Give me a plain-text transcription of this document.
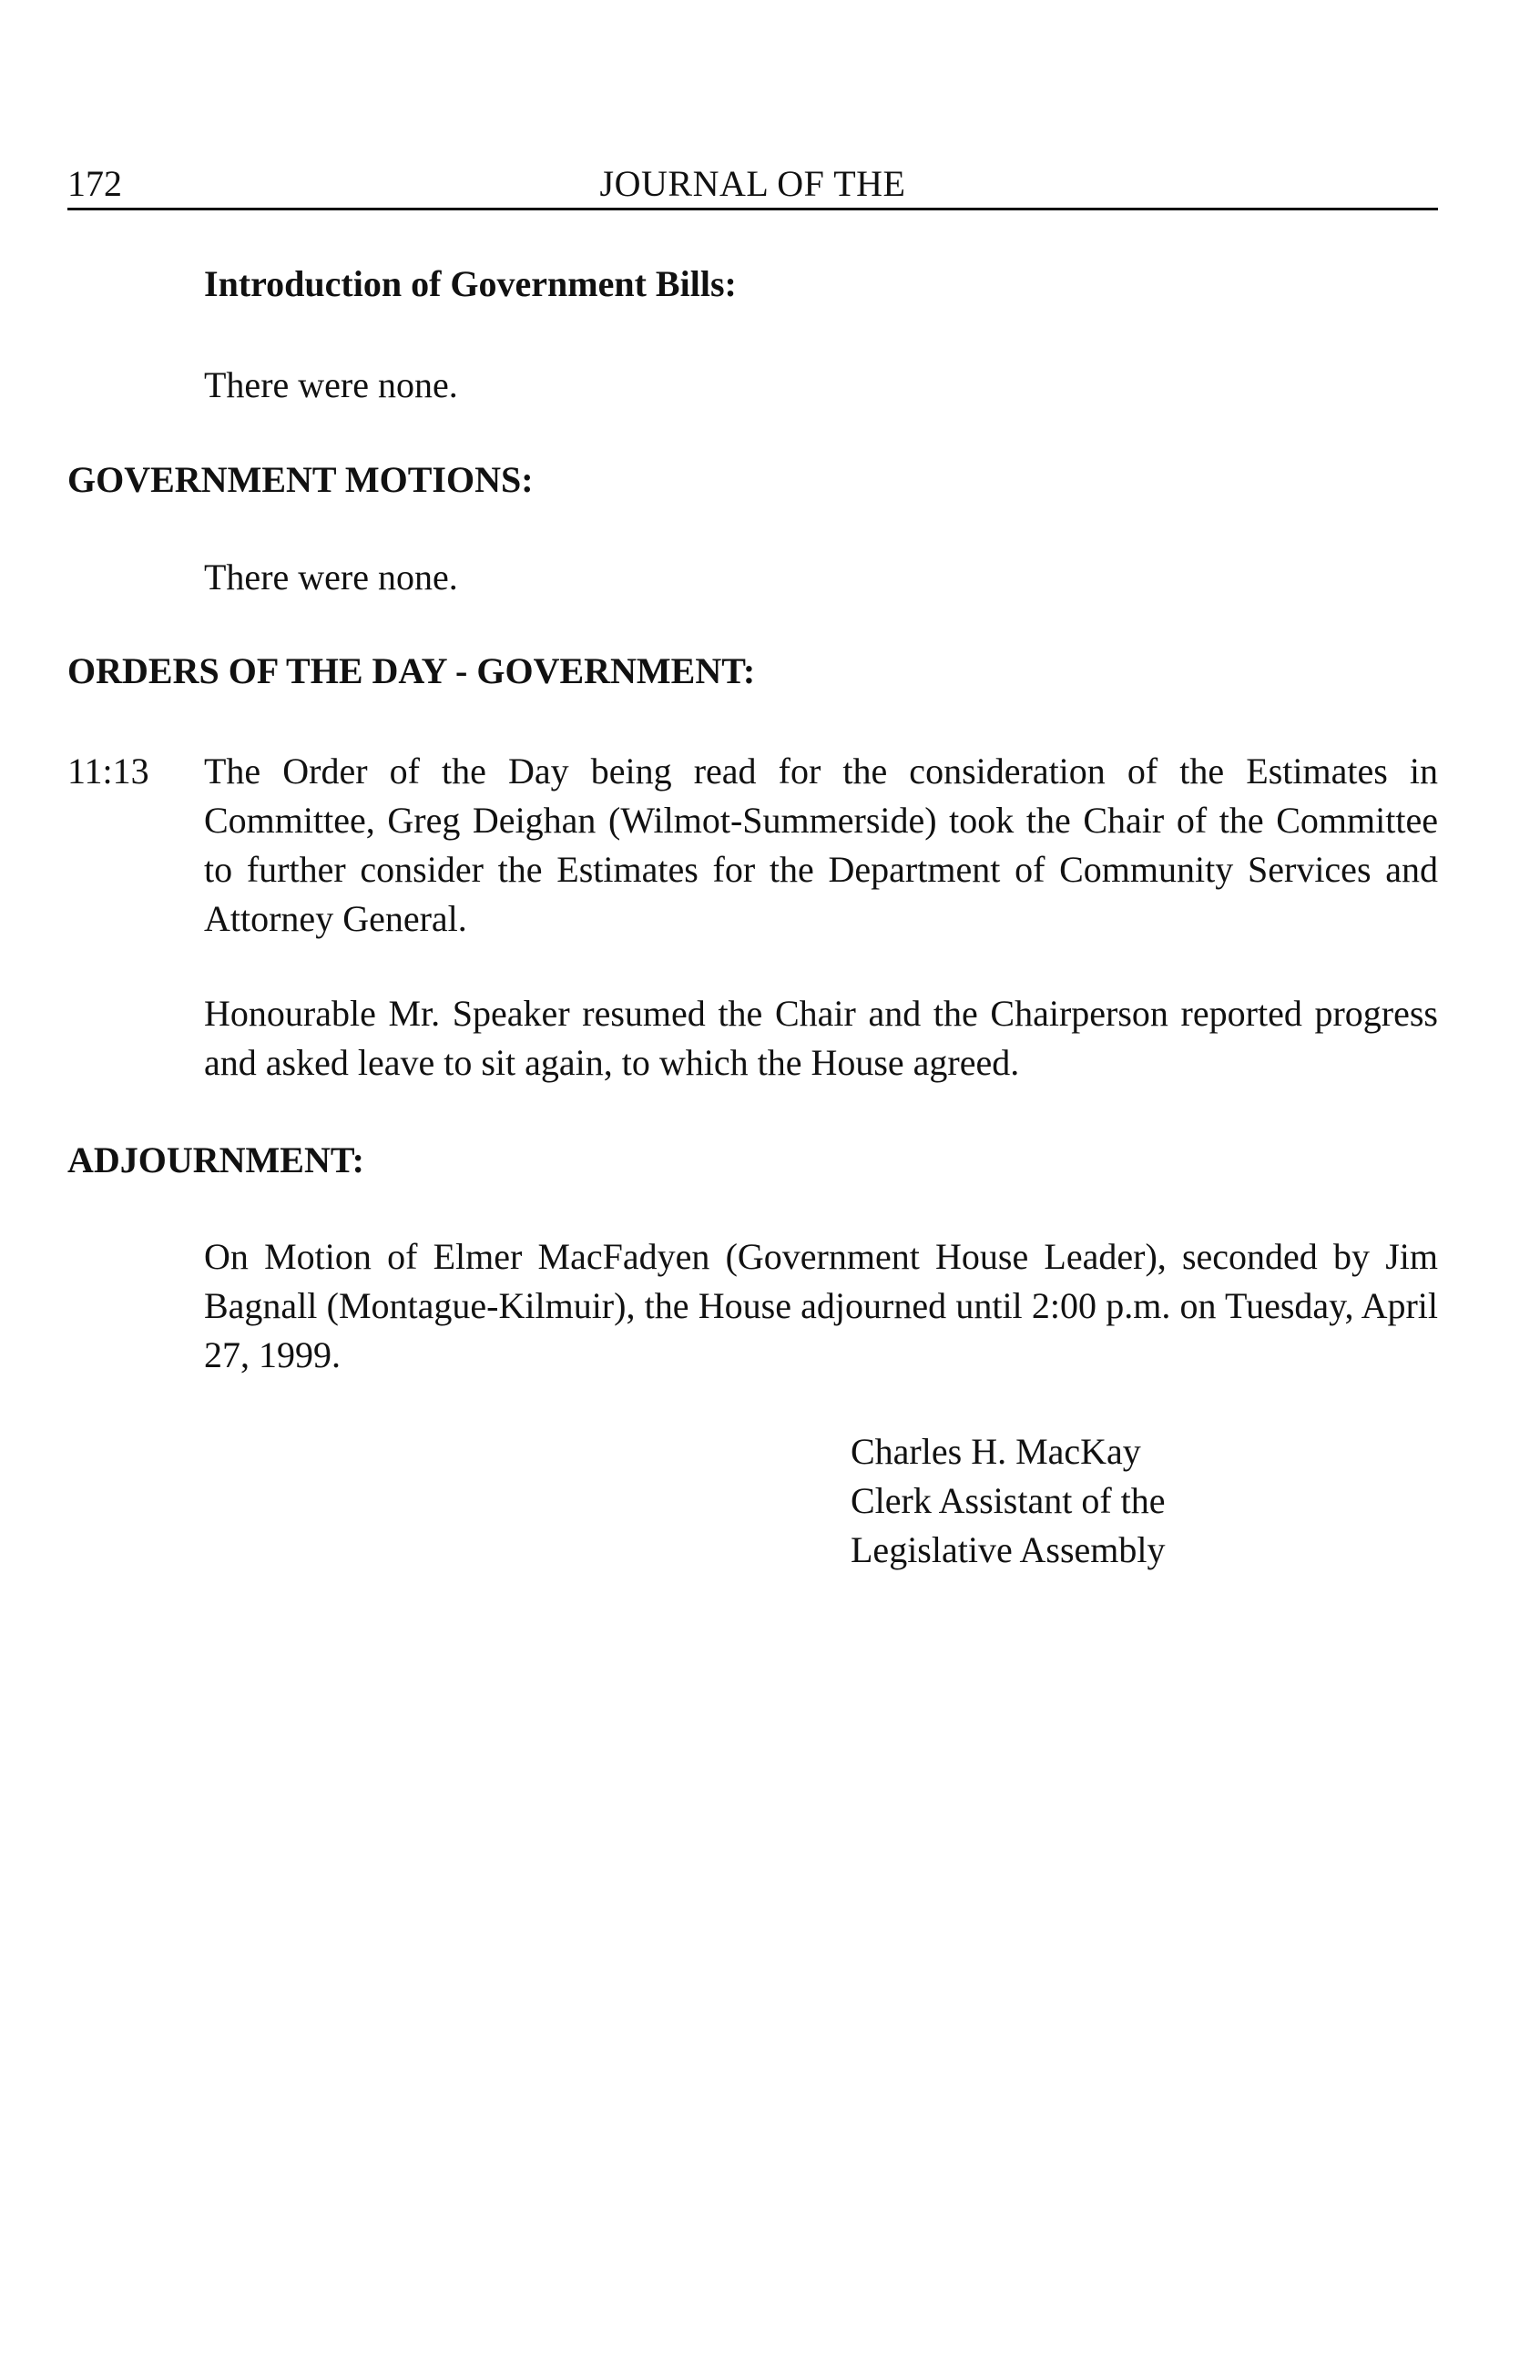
172	JOURNAL OF THE
Introduction of Government Bills:

There were none.

GOVERNMENT MOTIONS:

There were none.

ORDERS OF THE DAY - GOVERNMENT:
11:13 The Order of the Day being read for the consideration of the Estimates in Committee, Greg Deighan (Wilmot-Summerside) took the Chair of the Committee to further consider the Estimates for the Department of Community Services and Attorney General.

Honourable Mr. Speaker resumed the Chair and the Chairperson reported progress and asked leave to sit again, to which the House agreed.

ADJOURNMENT:

On Motion of Elmer MacFadyen (Government House Leader), seconded by Jim Bagnall (Montague-Kilmuir), the House adjourned until 2:00 p.m. on Tuesday, April 27, 1999.

Charles H. MacKay
Clerk Assistant of the
Legislative Assembly
